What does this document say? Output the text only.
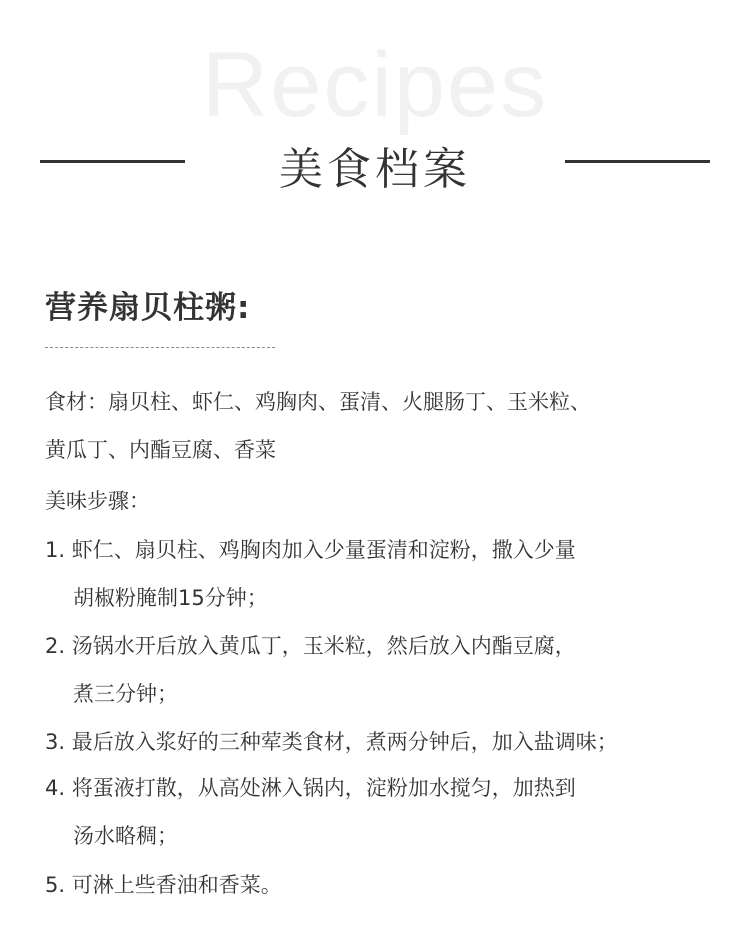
Recipes
美食档案
营养扇贝柱粥:
食材：扇贝柱、虾仁、鸡胸肉、蛋清、火腿肠丁、玉米粒、
黄瓜丁、内酯豆腐、香菜
美味步骤：
1. 虾仁、扇贝柱、鸡胸肉加入少量蛋清和淀粉，撒入少量
胡椒粉腌制15分钟；
2. 汤锅水开后放入黄瓜丁，玉米粒，然后放入内酯豆腐，
煮三分钟；
3. 最后放入浆好的三种荤类食材，煮两分钟后，加入盐调味；
4. 将蛋液打散，从高处淋入锅内，淀粉加水搅匀，加热到
汤水略稠；
5. 可淋上些香油和香菜。
